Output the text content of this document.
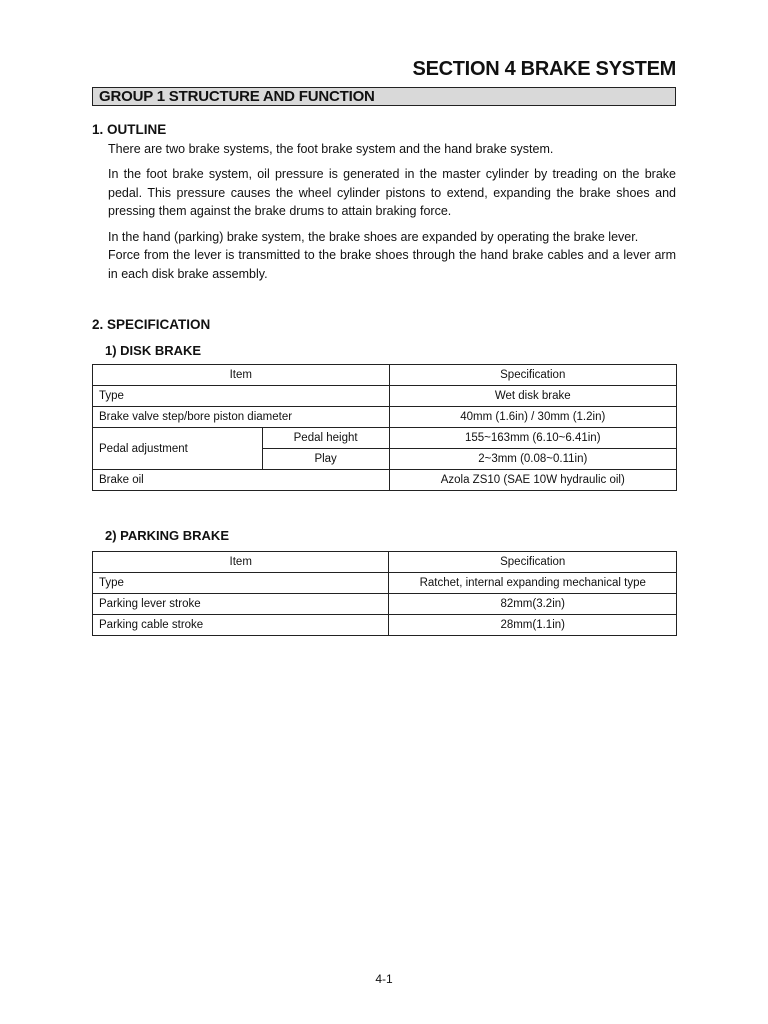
SECTION 4 BRAKE SYSTEM
GROUP 1 STRUCTURE AND FUNCTION
1. OUTLINE

There are two brake systems, the foot brake system and the hand brake system.

In the foot brake system, oil pressure is generated in the master cylinder by treading on the brake pedal. This pressure causes the wheel cylinder pistons to extend, expanding the brake shoes and pressing them against the brake drums to attain braking force.

In the hand (parking) brake system, the brake shoes are expanded by operating the brake lever.

Force from the lever is transmitted to the brake shoes through the hand brake cables and a lever arm in each disk brake assembly.

2. SPECIFICATION
1) DISK BRAKE
Item		Specification
Type		Wet disk brake
Brake valve step/bore piston diameter		40mm (1.6in) / 30mm (1.2in)
Pedal adjustment	Pedal height	155~163mm (6.10~6.41in)
	Play	2~3mm (0.08~0.11in)
Brake oil		Azola ZS10 (SAE 10W hydraulic oil)
2) PARKING BRAKE
Item	Specification
Type	Ratchet, internal expanding mechanical type
Parking lever stroke	82mm(3.2in)
Parking cable stroke	28mm(1.1in)
4-1
